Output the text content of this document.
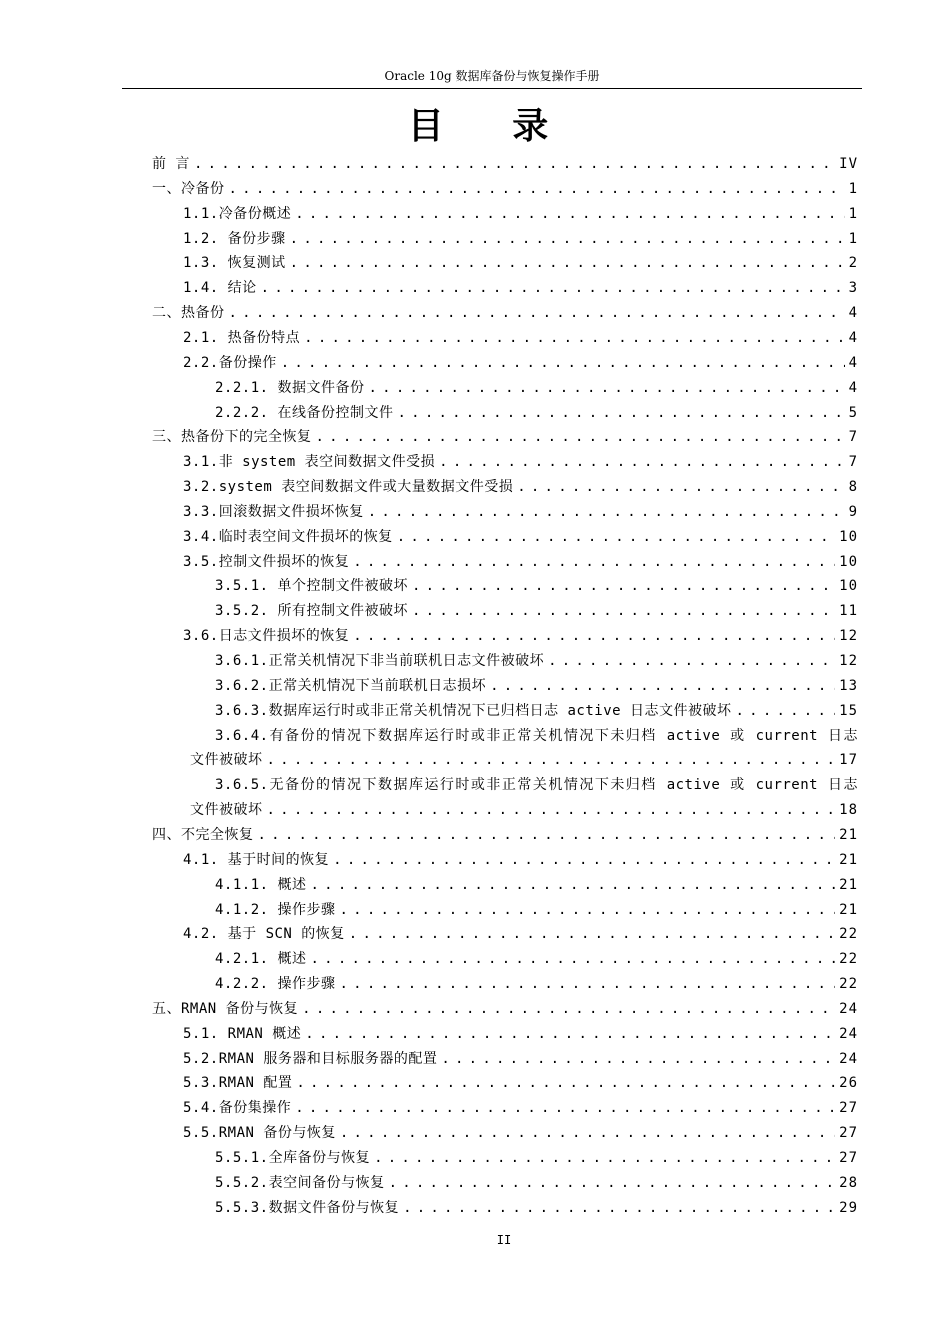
Oracle 10g 数据库备份与恢复操作手册
目 录
前 言 . . .	IV
一、冷备份 . . .	1
1.1.冷备份概述 . . .	1
1.2. 备份步骤 . . .	1
1.3. 恢复测试 . . .	2
1.4. 结论 . . .	3
二、热备份 . . .	4
2.1. 热备份特点 . . .	4
2.2.备份操作 . . .	4
2.2.1. 数据文件备份 . . .	4
2.2.2. 在线备份控制文件 . . .	5
三、热备份下的完全恢复 . . .	7
3.1.非 system 表空间数据文件受损 . . .	7
3.2.system 表空间数据文件或大量数据文件受损 . . .	8
3.3.回滚数据文件损坏恢复 . . .	9
3.4.临时表空间文件损坏的恢复 . . .	10
3.5.控制文件损坏的恢复 . . .	10
3.5.1. 单个控制文件被破坏 . . .	10
3.5.2. 所有控制文件被破坏 . . .	11
3.6.日志文件损坏的恢复 . . .	12
3.6.1.正常关机情况下非当前联机日志文件被破坏 . . .	12
3.6.2.正常关机情况下当前联机日志损坏 . . .	13
3.6.3.数据库运行时或非正常关机情况下已归档日志 active 日志文件被破坏 . . .	15
3.6.4.有备份的情况下数据库运行时或非正常关机情况下未归档 active 或 current 日志
文件被破坏 . . .	17
3.6.5.无备份的情况下数据库运行时或非正常关机情况下未归档 active 或 current 日志
文件被破坏 . . .	18
四、不完全恢复 . . .	21
4.1. 基于时间的恢复 . . .	21
4.1.1. 概述 . . .	21
4.1.2. 操作步骤 . . .	21
4.2. 基于 SCN 的恢复 . . .	22
4.2.1. 概述 . . .	22
4.2.2. 操作步骤 . . .	22
五、RMAN 备份与恢复 . . .	24
5.1. RMAN 概述 . . .	24
5.2.RMAN 服务器和目标服务器的配置 . . .	24
5.3.RMAN 配置 . . .	26
5.4.备份集操作 . . .	27
5.5.RMAN 备份与恢复 . . .	27
5.5.1.全库备份与恢复 . . .	27
5.5.2.表空间备份与恢复 . . .	28
5.5.3.数据文件备份与恢复 . . .	29
II
